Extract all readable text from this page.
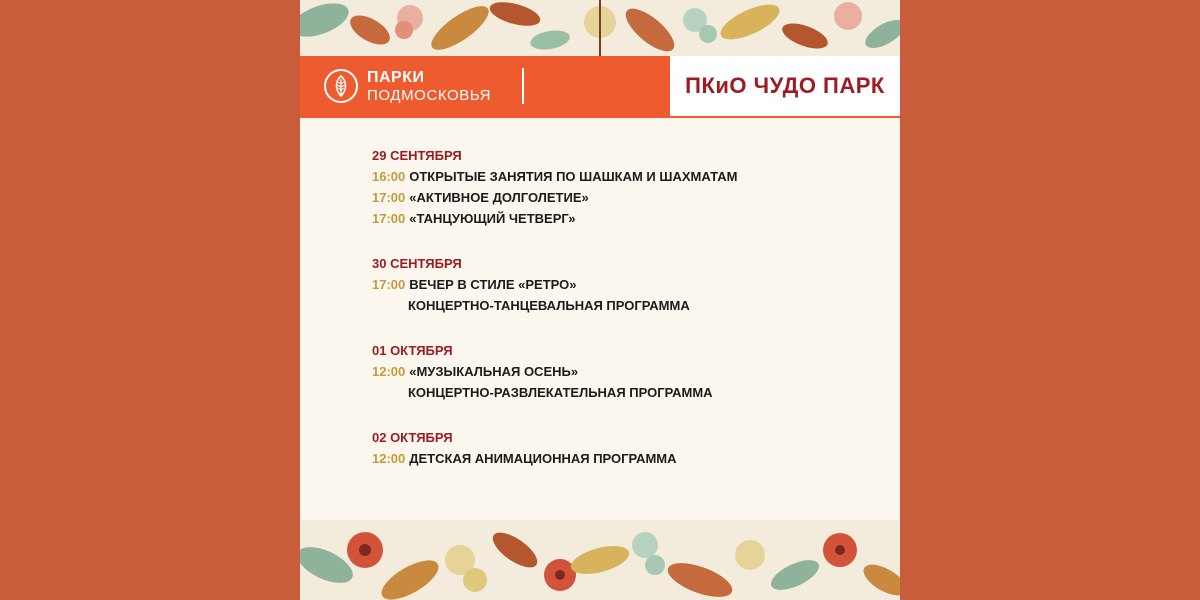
ПАРКИ
ПОДМОСКОВЬЯ	ПКиО ЧУДО ПАРК
29 СЕНТЯБРЯ
16:00 ОТКРЫТЫЕ ЗАНЯТИЯ ПО ШАШКАМ И ШАХМАТАМ
17:00 «АКТИВНОЕ ДОЛГОЛЕТИЕ»
17:00 «ТАНЦУЮЩИЙ ЧЕТВЕРГ»
30 СЕНТЯБРЯ
17:00 ВЕЧЕР В СТИЛЕ «РЕТРО»
КОНЦЕРТНО-ТАНЦЕВАЛЬНАЯ ПРОГРАММА
01 ОКТЯБРЯ
12:00 «МУЗЫКАЛЬНАЯ ОСЕНЬ»
КОНЦЕРТНО-РАЗВЛЕКАТЕЛЬНАЯ ПРОГРАММА
02 ОКТЯБРЯ
12:00 ДЕТСКАЯ АНИМАЦИОННАЯ ПРОГРАММА
